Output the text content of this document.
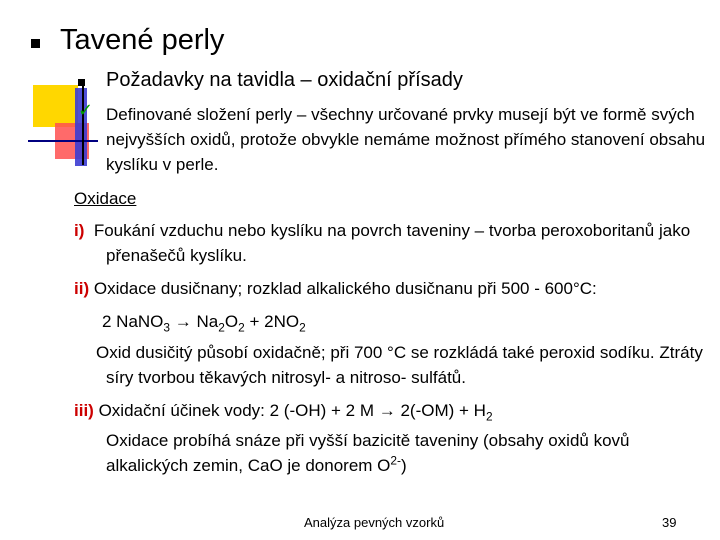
Tavené perly
Požadavky na tavidla – oxidační přísady
✓ Definované složení perly – všechny určované prvky musejí být ve formě svých nejvyšších oxidů, protože obvykle nemáme možnost přímého stanovení obsahu kyslíku v perle.
Oxidace
i) Foukání vzduchu nebo kyslíku na povrch taveniny – tvorba peroxoboritanů jako přenašečů kyslíku.
ii) Oxidace dusičnany; rozklad alkalického dusičnanu při 500 - 600°C:
2 NaNO$_3$ → $Na_2O_2 + 2NO_2$
Oxid dusičitý působí oxidačně; při 700 °C se rozkládá také peroxid sodíku. Ztráty síry tvorbou těkavých nitrosyl- a nitroso- sulfátů.
iii) Oxidační účinek vody: 2 (-OH) + 2 $M \to 2(-OM) + H_2$
Oxidace probíhá snáze při vyšší bazicitě taveniny (obsahy oxidů kovů alkalických zemin, CaO je donorem $O^{2-}$)
Analýza pevných vzorků	39
